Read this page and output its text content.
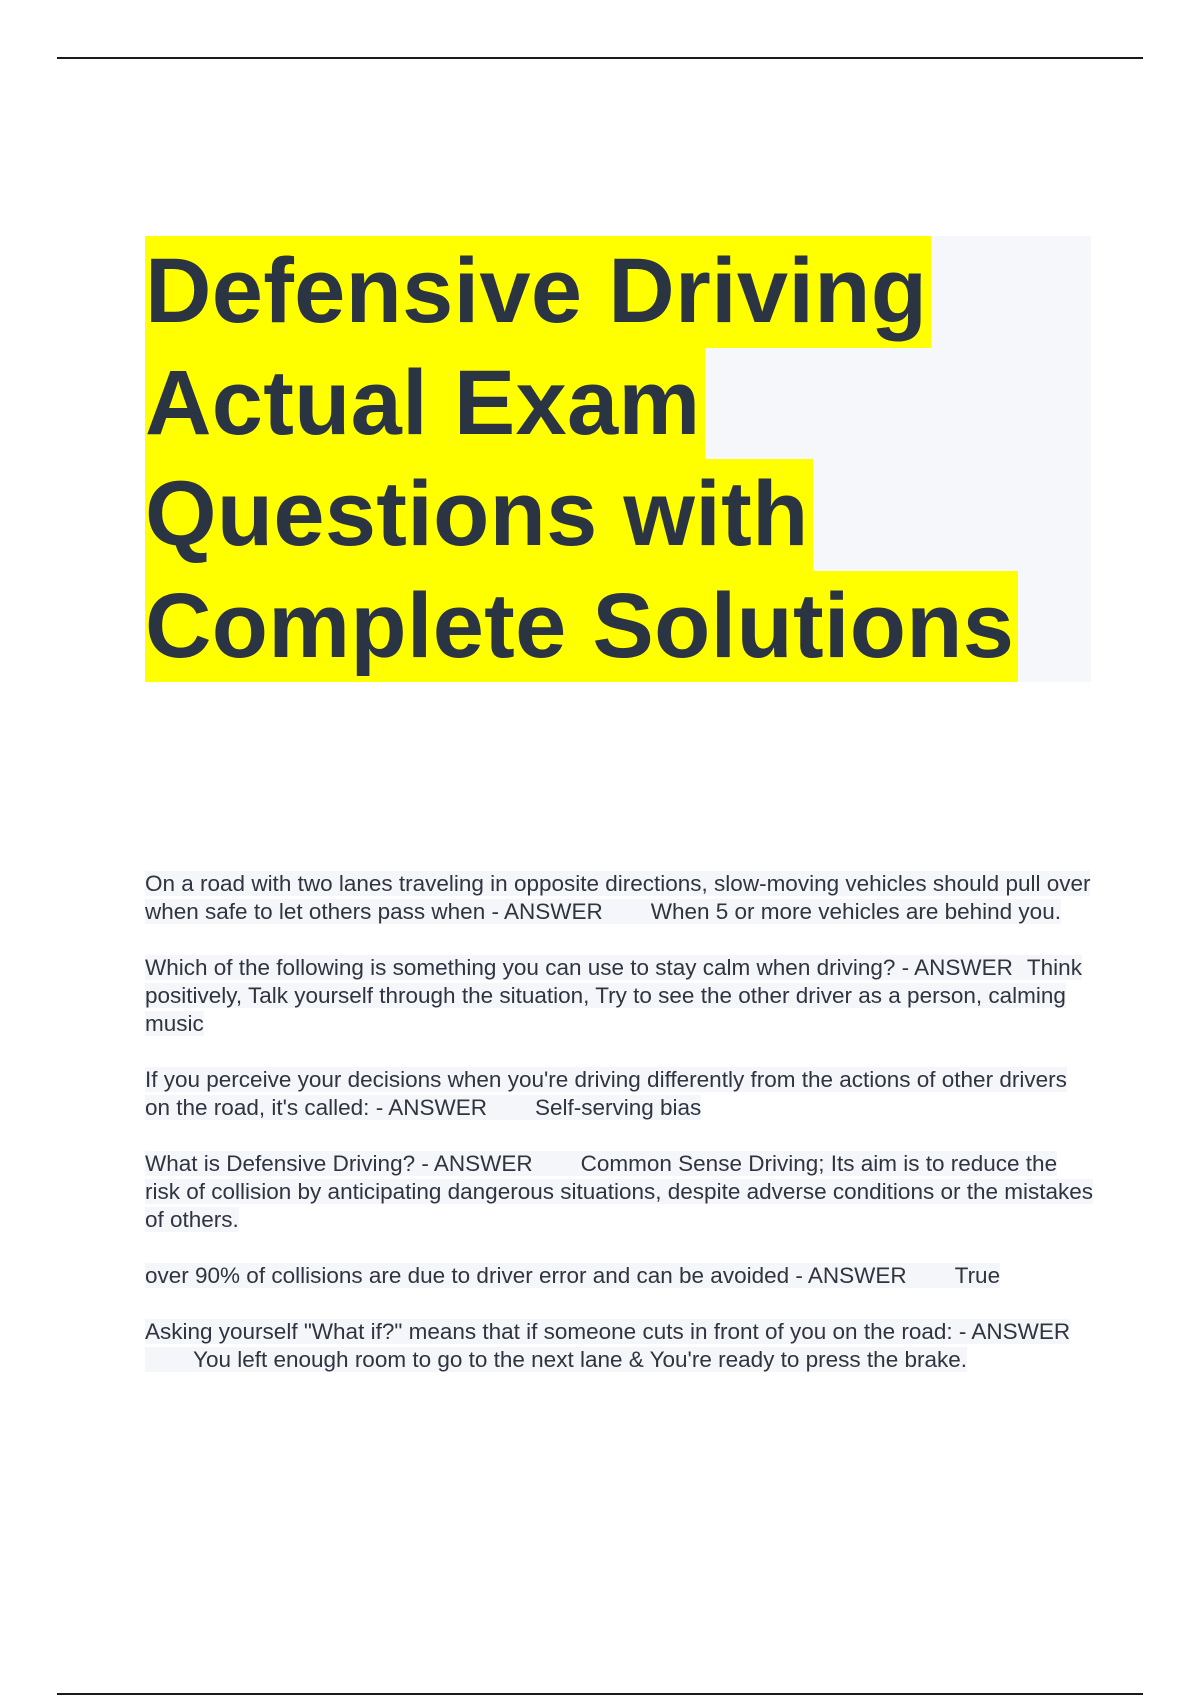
Defensive Driving
Actual Exam
Questions with
Complete Solutions
On a road with two lanes traveling in opposite directions, slow-moving vehicles should pull over when safe to let others pass when - ANSWER When 5 or more vehicles are behind you.
Which of the following is something you can use to stay calm when driving? - ANSWER Think positively, Talk yourself through the situation, Try to see the other driver as a person, calming music
If you perceive your decisions when you're driving differently from the actions of other drivers on the road, it's called: - ANSWER Self-serving bias
What is Defensive Driving? - ANSWER Common Sense Driving; Its aim is to reduce the risk of collision by anticipating dangerous situations, despite adverse conditions or the mistakes of others.
over 90% of collisions are due to driver error and can be avoided - ANSWER True
Asking yourself "What if?" means that if someone cuts in front of you on the road: - ANSWERYou left enough room to go to the next lane & You're ready to press the brake.
